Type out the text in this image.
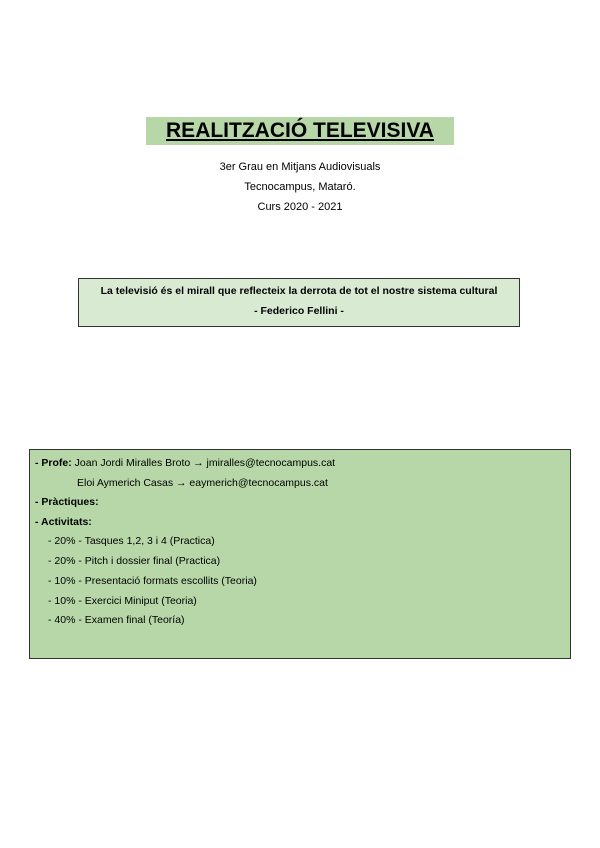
REALITZACIÓ TELEVISIVA
3er Grau en Mitjans Audiovisuals
Tecnocampus, Mataró.
Curs 2020 - 2021
La televisió és el mirall que reflecteix la derrota de tot el nostre sistema cultural
- Federico Fellini -
- Profe: Joan Jordi Miralles Broto → jmiralles@tecnocampus.cat
Eloi Aymerich Casas → eaymerich@tecnocampus.cat
- Pràctiques:
- Activitats:
- 20% - Tasques 1,2, 3 i 4 (Practica)
- 20% - Pitch i dossier final (Practica)
- 10% - Presentació formats escollits (Teoria)
- 10% - Exercici Miniput (Teoria)
- 40% - Examen final (Teoría)
